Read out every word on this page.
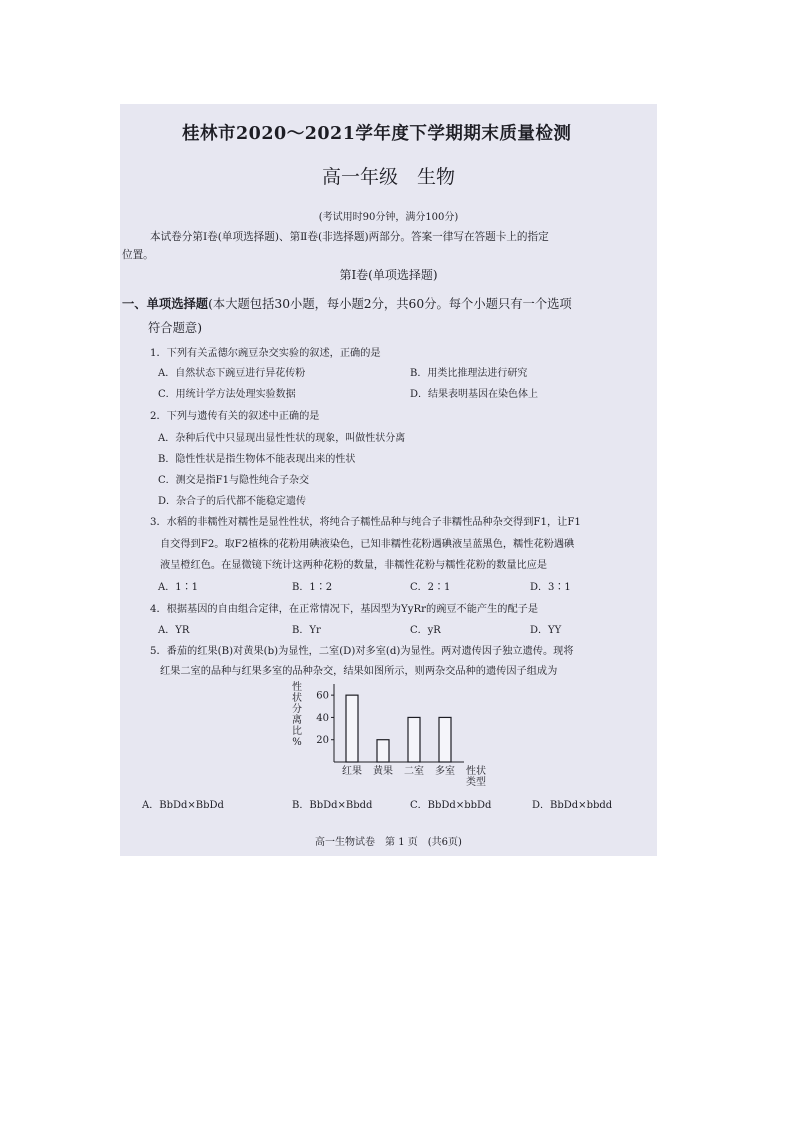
桂林市2020～2021学年度下学期期末质量检测
高一年级　生物
(考试用时90分钟，满分100分)
本试卷分第Ⅰ卷(单项选择题)、第Ⅱ卷(非选择题)两部分。答案一律写在答题卡上的指定
位置。
第Ⅰ卷(单项选择题)
一、单项选择题(本大题包括30小题，每小题2分，共60分。每个小题只有一个选项
符合题意)
1．下列有关孟德尔豌豆杂交实验的叙述，正确的是
A．自然状态下豌豆进行异花传粉	B．用类比推理法进行研究
C．用统计学方法处理实验数据	D．结果表明基因在染色体上
2．下列与遗传有关的叙述中正确的是
A．杂种后代中只显现出显性性状的现象，叫做性状分离
B．隐性性状是指生物体不能表现出来的性状
C．测交是指F1与隐性纯合子杂交
D．杂合子的后代都不能稳定遗传
3．水稻的非糯性对糯性是显性性状，将纯合子糯性品种与纯合子非糯性品种杂交得到F1，让F1
自交得到F2。取F2植株的花粉用碘液染色，已知非糯性花粉遇碘液呈蓝黑色，糯性花粉遇碘
液呈橙红色。在显微镜下统计这两种花粉的数量，非糯性花粉与糯性花粉的数量比应是
A．1∶1	B．1∶2	C．2∶1	D．3∶1
4．根据基因的自由组合定律，在正常情况下，基因型为YyRr的豌豆不能产生的配子是
A．YR	B．Yr	C．yR	D．YY
5．番茄的红果(B)对黄果(b)为显性，二室(D)对多室(d)为显性。两对遗传因子独立遗传。现将
红果二室的品种与红果多室的品种杂交，结果如图所示，则两杂交品种的遗传因子组成为
性
状
分
离
比
% 20
40
60
红果 黄果 二室 多室 性状
类型
A．BbDd×BbDd	B．BbDd×Bbdd	C．BbDd×bbDd	D．BbDd×bbdd
高一生物试卷　第 1 页　(共6页)
